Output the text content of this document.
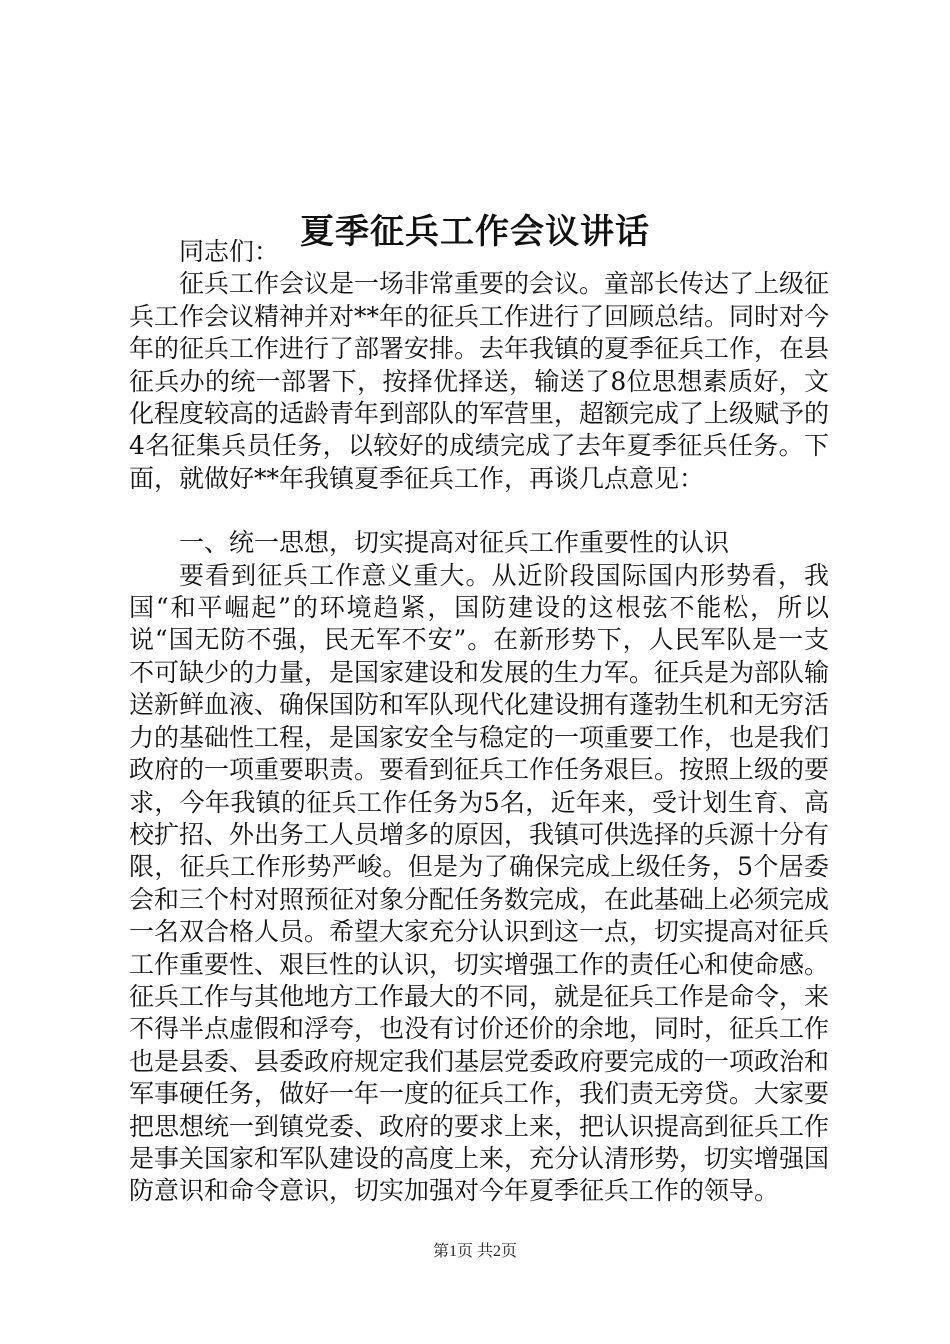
夏季征兵工作会议讲话

同志们：

征兵工作会议是一场非常重要的会议。童部长传达了上级征兵工作会议精神并对**年的征兵工作进行了回顾总结。同时对今年的征兵工作进行了部署安排。去年我镇的夏季征兵工作，在县征兵办的统一部署下，按择优择送，输送了8位思想素质好，文化程度较高的适龄青年到部队的军营里，超额完成了上级赋予的4名征集兵员任务，以较好的成绩完成了去年夏季征兵任务。下面，就做好**年我镇夏季征兵工作，再谈几点意见：

一、统一思想，切实提高对征兵工作重要性的认识

要看到征兵工作意义重大。从近阶段国际国内形势看，我国“和平崛起”的环境趋紧，国防建设的这根弦不能松，所以说“国无防不强，民无军不安”。在新形势下，人民军队是一支不可缺少的力量，是国家建设和发展的生力军。征兵是为部队输送新鲜血液、确保国防和军队现代化建设拥有蓬勃生机和无穷活力的基础性工程，是国家安全与稳定的一项重要工作，也是我们政府的一项重要职责。要看到征兵工作任务艰巨。按照上级的要求，今年我镇的征兵工作任务为5名，近年来，受计划生育、高校扩招、外出务工人员增多的原因，我镇可供选择的兵源十分有限，征兵工作形势严峻。但是为了确保完成上级任务，5个居委会和三个村对照预征对象分配任务数完成，在此基础上必须完成一名双合格人员。希望大家充分认识到这一点，切实提高对征兵工作重要性、艰巨性的认识，切实增强工作的责任心和使命感。征兵工作与其他地方工作最大的不同，就是征兵工作是命令，来不得半点虚假和浮夸，也没有讨价还价的余地，同时，征兵工作也是县委、县委政府规定我们基层党委政府要完成的一项政治和军事硬任务，做好一年一度的征兵工作，我们责无旁贷。大家要把思想统一到镇党委、政府的要求上来，把认识提高到征兵工作是事关国家和军队建设的高度上来，充分认清形势，切实增强国防意识和命令意识，切实加强对今年夏季征兵工作的领导。

第1页 共2页
